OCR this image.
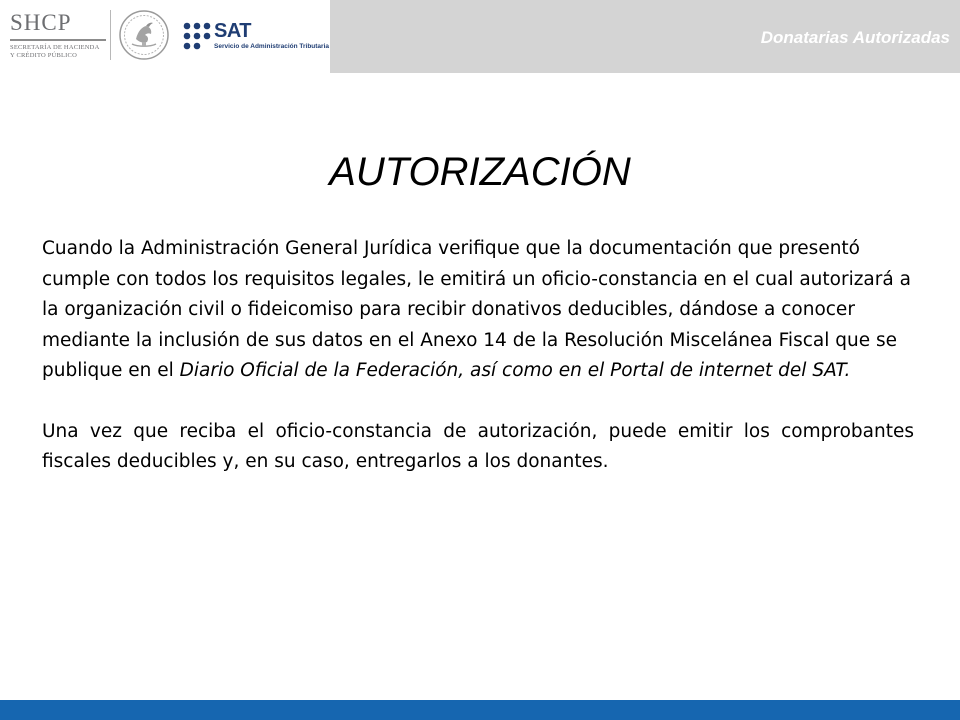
SHCP
SECRETARÍA DE HACIENDA
Y CRÉDITO PÚBLICO
SAT
Servicio de Administración Tributaria	Donatarias Autorizadas
AUTORIZACIÓN

Cuando la Administración General Jurídica verifique que la documentación que presentó cumple con todos los requisitos legales, le emitirá un oficio-constancia en el cual autorizará a la organización civil o fideicomiso para recibir donativos deducibles, dándose a conocer mediante la inclusión de sus datos en el Anexo 14 de la Resolución Miscelánea Fiscal que se publique en el Diario Oficial de la Federación, así como en el Portal de internet del SAT.

Una vez que reciba el oficio-constancia de autorización, puede emitir los comprobantes fiscales deducibles y, en su caso, entregarlos a los donantes.
